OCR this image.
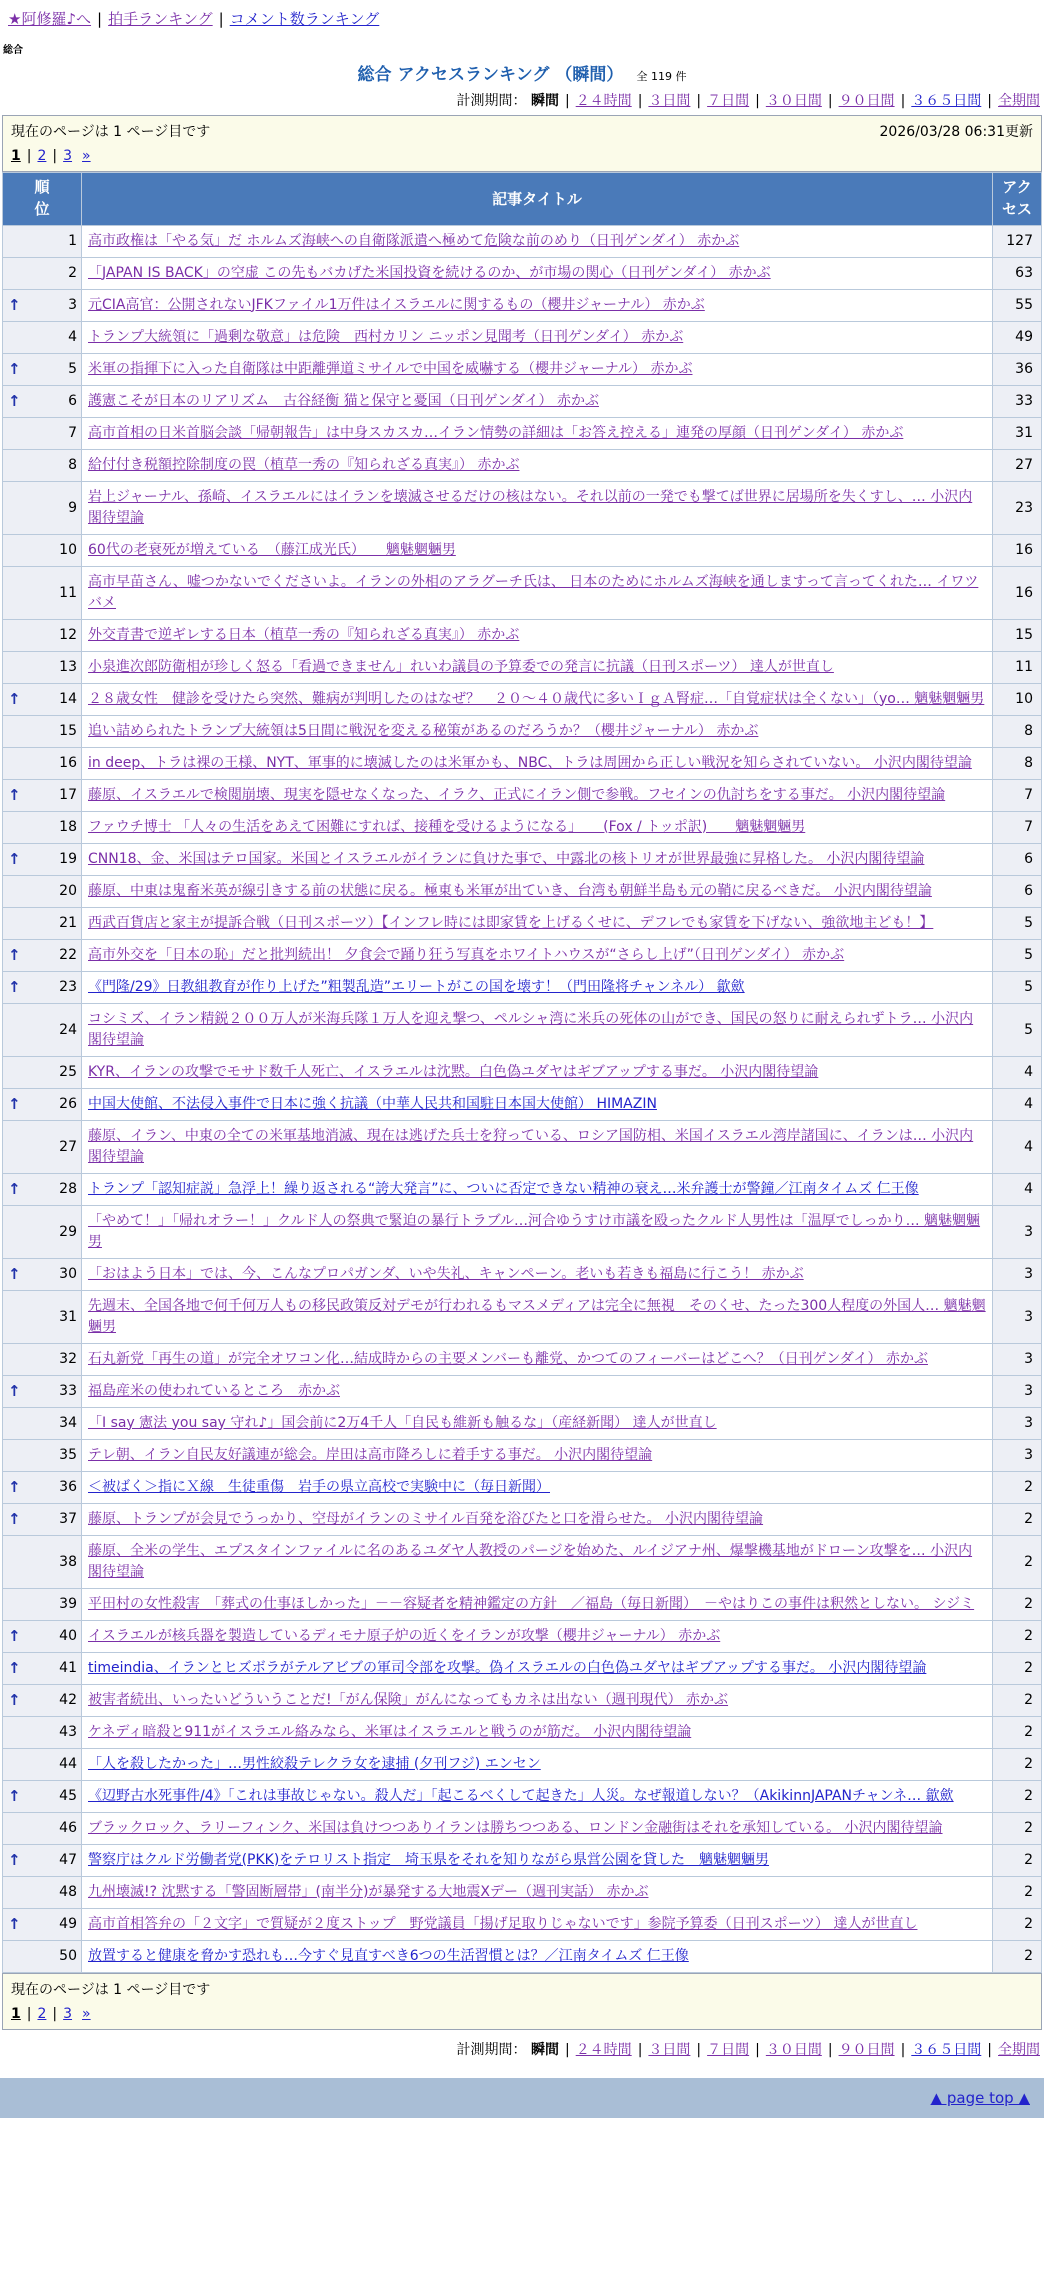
★阿修羅♪へ | 拍手ランキング | コメント数ランキング
総合
総合 アクセスランキング （瞬間） 全 119 件
計測期間： 瞬間 | ２４時間 | ３日間 | ７日間 | ３０日間 | ９０日間 | ３６５日間 | 全期間
現在のページは 1 ページ目です	2026/03/28 06:31更新
1 | 2 | 3 »
順位	記事タイトル	アクセス
1	高市政権は「やる気」だ ホルムズ海峡への自衛隊派遣へ極めて危険な前のめり（日刊ゲンダイ） 赤かぶ	127
2	「JAPAN IS BACK」の空虚 この先もバカげた米国投資を続けるのか、が市場の関心（日刊ゲンダイ） 赤かぶ	63

↑ 3	元CIA高官：公開されないJFKファイル1万件はイスラエルに関するもの（櫻井ジャーナル） 赤かぶ	55
4	トランプ大統領に「過剰な敬意」は危険　西村カリン ニッポン見聞考（日刊ゲンダイ） 赤かぶ	49

↑ 5	米軍の指揮下に入った自衛隊は中距離弾道ミサイルで中国を威嚇する（櫻井ジャーナル） 赤かぶ	36

↑ 6	護憲こそが日本のリアリズム　古谷経衡 猫と保守と憂国（日刊ゲンダイ） 赤かぶ	33
7	高市首相の日米首脳会談「帰朝報告」は中身スカスカ…イラン情勢の詳細は「お答え控える」連発の厚顔（日刊ゲンダイ） 赤かぶ	31
8	給付付き税額控除制度の罠（植草一秀の『知られざる真実』） 赤かぶ	27
9	岩上ジャーナル、孫崎、イスラエルにはイランを壊滅させるだけの核はない。それ以前の一発でも撃てば世界に居場所を失くすし、… 小沢内閣待望論	23
10	60代の老衰死が増えている　（藤江成光氏）　　魑魅魍魎男	16
11	高市早苗さん、嘘つかないでくださいよ。イランの外相のアラグーチ氏は、 日本のためにホルムズ海峡を通しますって言ってくれた… イワツバメ	16
12	外交青書で逆ギレする日本（植草一秀の『知られざる真実』） 赤かぶ	15
13	小泉進次郎防衛相が珍しく怒る「看過できません」れいわ議員の予算委での発言に抗議（日刊スポーツ） 達人が世直し	11

↑ 14	２８歳女性　健診を受けたら突然、難病が判明したのはなぜ？　２０～４０歳代に多いＩｇＡ腎症…「自覚症状は全くない」（yo… 魑魅魍魎男	10
15	追い詰められたトランプ大統領は5日間に戦況を変える秘策があるのだろうか？（櫻井ジャーナル） 赤かぶ	8
16	in deep、トラは裸の王様、NYT、軍事的に壊滅したのは米軍かも、NBC、トラは周囲から正しい戦況を知らされていない。 小沢内閣待望論	8

↑ 17	藤原、イスラエルで検閲崩壊、現実を隠せなくなった、イラク、正式にイラン側で参戦。フセインの仇討ちをする事だ。 小沢内閣待望論	7
18	ファウチ博士 「人々の生活をあえて困難にすれば、接種を受けるようになる」　　(Fox / トッポ訳)　　魑魅魍魎男	7

↑ 19	CNN18、金、米国はテロ国家。米国とイスラエルがイランに負けた事で、中露北の核トリオが世界最強に昇格した。 小沢内閣待望論	6
20	藤原、中東は鬼畜米英が線引きする前の状態に戻る。極東も米軍が出ていき、台湾も朝鮮半島も元の鞘に戻るべきだ。 小沢内閣待望論	6
21	西武百貨店と家主が提訴合戦（日刊スポーツ）【インフレ時には即家賃を上げるくせに、デフレでも家賃を下げない、強欲地主ども！】	5

↑ 22	高市外交を「日本の恥」だと批判続出！ 夕食会で踊り狂う写真をホワイトハウスが“さらし上げ”（日刊ゲンダイ） 赤かぶ	5

↑ 23	《門隆/29》日教組教育が作り上げた”粗製乱造”エリートがこの国を壊す！（門田隆将チャンネル） 歙歛	5
24	コシミズ、イラン精鋭２００万人が米海兵隊１万人を迎え撃つ、ペルシャ湾に米兵の死体の山ができ、国民の怒りに耐えられずトラ… 小沢内閣待望論	5
25	KYR、イランの攻撃でモサド数千人死亡、イスラエルは沈黙。白色偽ユダヤはギブアップする事だ。 小沢内閣待望論	4

↑ 26	中国大使館、不法侵入事件で日本に強く抗議（中華人民共和国駐日本国大使館） HIMAZIN	4
27	藤原、イラン、中東の全ての米軍基地消滅、現在は逃げた兵士を狩っている、ロシア国防相、米国イスラエル湾岸諸国に、イランは… 小沢内閣待望論	4

↑ 28	トランプ「認知症説」急浮上！繰り返される“誇大発言”に、ついに否定できない精神の衰え…米弁護士が警鐘／江南タイムズ 仁王像	4
29	「やめて！」「帰れオラー！」クルド人の祭典で緊迫の暴行トラブル…河合ゆうすけ市議を殴ったクルド人男性は「温厚でしっかり… 魑魅魍魎男	3

↑ 30	「おはよう日本」では、今、こんなプロパガンダ、いや失礼、キャンペーン。老いも若きも福島に行こう！ 赤かぶ	3
31	先週末、全国各地で何千何万人もの移民政策反対デモが行われるもマスメディアは完全に無視　そのくせ、たった300人程度の外国人… 魑魅魍魎男	3
32	石丸新党「再生の道」が完全オワコン化…結成時からの主要メンバーも離党、かつてのフィーバーはどこへ？（日刊ゲンダイ） 赤かぶ	3

↑ 33	福島産米の使われているところ　赤かぶ	3
34	「I say 憲法 you say 守れ♪」国会前に2万4千人「自民も維新も触るな」（産経新聞） 達人が世直し	3
35	テレ朝、イラン自民友好議連が総会。岸田は高市降ろしに着手する事だ。 小沢内閣待望論	3

↑ 36	＜被ばく＞指にＸ線　生徒重傷　岩手の県立高校で実験中に（毎日新聞）	2

↑ 37	藤原、トランプが会見でうっかり、空母がイランのミサイル百発を浴びたと口を滑らせた。 小沢内閣待望論	2
38	藤原、全米の学生、エプスタインファイルに名のあるユダヤ人教授のパージを始めた、ルイジアナ州、爆撃機基地がドローン攻撃を… 小沢内閣待望論	2
39	平田村の女性殺害　「葬式の仕事ほしかった」－－容疑者を精神鑑定の方針　／福島（毎日新聞）　－やはりこの事件は釈然としない。 シジミ	2

↑ 40	イスラエルが核兵器を製造しているディモナ原子炉の近くをイランが攻撃（櫻井ジャーナル） 赤かぶ	2

↑ 41	timeindia、イランとヒズボラがテルアビブの軍司令部を攻撃。偽イスラエルの白色偽ユダヤはギブアップする事だ。 小沢内閣待望論	2

↑ 42	被害者続出、いったいどういうことだ!「がん保険」がんになってもカネは出ない（週刊現代） 赤かぶ	2
43	ケネディ暗殺と911がイスラエル絡みなら、米軍はイスラエルと戦うのが筋だ。 小沢内閣待望論	2
44	「人を殺したかった」…男性絞殺テレクラ女を逮捕 (夕刊フジ) エンセン	2

↑ 45	《辺野古水死事件/4》「これは事故じゃない。殺人だ」「起こるべくして起きた」人災。なぜ報道しない？（AkikinnJAPANチャンネ… 歙歛	2
46	ブラックロック、ラリーフィンク、米国は負けつつありイランは勝ちつつある、ロンドン金融街はそれを承知している。 小沢内閣待望論	2

↑ 47	警察庁はクルド労働者党(PKK)をテロリスト指定　埼玉県をそれを知りながら県営公園を貸した　魑魅魍魎男	2
48	九州壊滅!? 沈黙する「警固断層帯」(南半分)が暴発する大地震Xデー（週刊実話） 赤かぶ	2

↑ 49	高市首相答弁の「２文字」で質疑が２度ストップ　野党議員「揚げ足取りじゃないです」参院予算委（日刊スポーツ） 達人が世直し	2
50	放置すると健康を脅かす恐れも…今すぐ見直すべき6つの生活習慣とは？／江南タイムズ 仁王像	2
現在のページは 1 ページ目です
1 | 2 | 3 »
計測期間： 瞬間 | ２４時間 | ３日間 | ７日間 | ３０日間 | ９０日間 | ３６５日間 | 全期間
▲ page top ▲
